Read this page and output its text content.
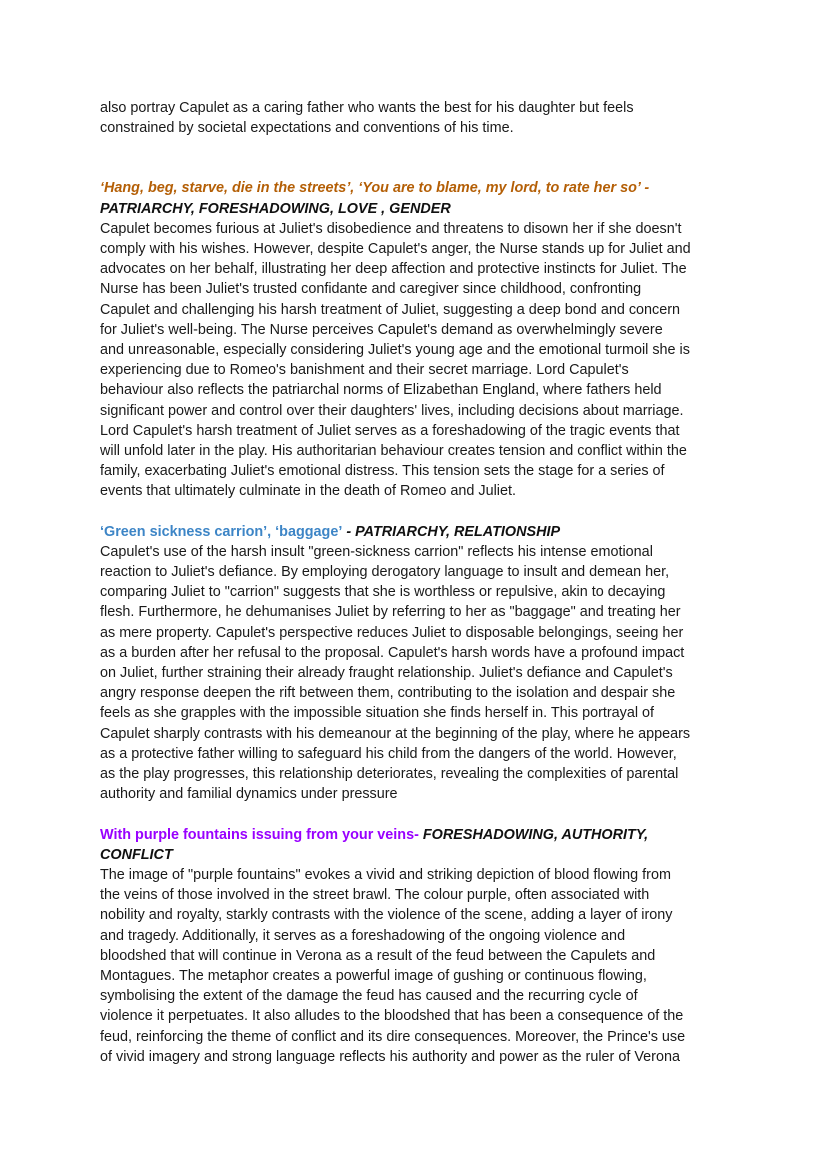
also portray Capulet as a caring father who wants the best for his daughter but feels
constrained by societal expectations and conventions of his time.

‘Hang, beg, starve, die in the streets’, ‘You are to blame, my lord, to rate her so’ -
PATRIARCHY, FORESHADOWING, LOVE , GENDER

Capulet becomes furious at Juliet's disobedience and threatens to disown her if she doesn't
comply with his wishes. However, despite Capulet's anger, the Nurse stands up for Juliet and
advocates on her behalf, illustrating her deep affection and protective instincts for Juliet. The
Nurse has been Juliet's trusted confidante and caregiver since childhood, confronting
Capulet and challenging his harsh treatment of Juliet, suggesting a deep bond and concern
for Juliet's well-being. The Nurse perceives Capulet's demand as overwhelmingly severe
and unreasonable, especially considering Juliet's young age and the emotional turmoil she is
experiencing due to Romeo's banishment and their secret marriage. Lord Capulet's
behaviour also reflects the patriarchal norms of Elizabethan England, where fathers held
significant power and control over their daughters' lives, including decisions about marriage.
Lord Capulet's harsh treatment of Juliet serves as a foreshadowing of the tragic events that
will unfold later in the play. His authoritarian behaviour creates tension and conflict within the
family, exacerbating Juliet's emotional distress. This tension sets the stage for a series of
events that ultimately culminate in the death of Romeo and Juliet.

‘Green sickness carrion’, ‘baggage’ - PATRIARCHY, RELATIONSHIP

Capulet's use of the harsh insult "green-sickness carrion" reflects his intense emotional
reaction to Juliet's defiance. By employing derogatory language to insult and demean her,
comparing Juliet to "carrion" suggests that she is worthless or repulsive, akin to decaying
flesh. Furthermore, he dehumanises Juliet by referring to her as "baggage" and treating her
as mere property. Capulet's perspective reduces Juliet to disposable belongings, seeing her
as a burden after her refusal to the proposal. Capulet's harsh words have a profound impact
on Juliet, further straining their already fraught relationship. Juliet's defiance and Capulet's
angry response deepen the rift between them, contributing to the isolation and despair she
feels as she grapples with the impossible situation she finds herself in. This portrayal of
Capulet sharply contrasts with his demeanour at the beginning of the play, where he appears
as a protective father willing to safeguard his child from the dangers of the world. However,
as the play progresses, this relationship deteriorates, revealing the complexities of parental
authority and familial dynamics under pressure

With purple fountains issuing from your veins- FORESHADOWING, AUTHORITY,
CONFLICT

The image of "purple fountains" evokes a vivid and striking depiction of blood flowing from
the veins of those involved in the street brawl. The colour purple, often associated with
nobility and royalty, starkly contrasts with the violence of the scene, adding a layer of irony
and tragedy. Additionally, it serves as a foreshadowing of the ongoing violence and
bloodshed that will continue in Verona as a result of the feud between the Capulets and
Montagues. The metaphor creates a powerful image of gushing or continuous flowing,
symbolising the extent of the damage the feud has caused and the recurring cycle of
violence it perpetuates. It also alludes to the bloodshed that has been a consequence of the
feud, reinforcing the theme of conflict and its dire consequences. Moreover, the Prince's use
of vivid imagery and strong language reflects his authority and power as the ruler of Verona
